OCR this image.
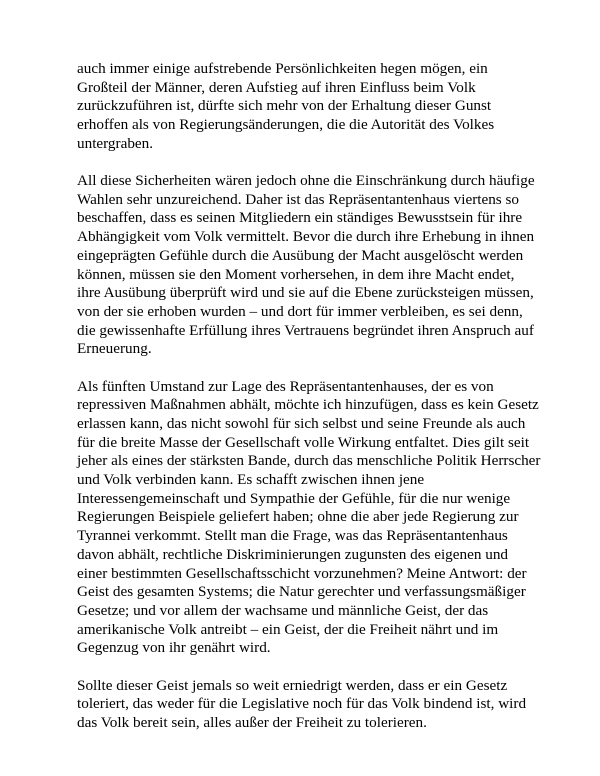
auch immer einige aufstrebende Persönlichkeiten hegen mögen, ein
Großteil der Männer, deren Aufstieg auf ihren Einfluss beim Volk
zurückzuführen ist, dürfte sich mehr von der Erhaltung dieser Gunst
erhoffen als von Regierungsänderungen, die die Autorität des Volkes
untergraben.

All diese Sicherheiten wären jedoch ohne die Einschränkung durch häufige
Wahlen sehr unzureichend. Daher ist das Repräsentantenhaus viertens so
beschaffen, dass es seinen Mitgliedern ein ständiges Bewusstsein für ihre
Abhängigkeit vom Volk vermittelt. Bevor die durch ihre Erhebung in ihnen
eingeprägten Gefühle durch die Ausübung der Macht ausgelöscht werden
können, müssen sie den Moment vorhersehen, in dem ihre Macht endet,
ihre Ausübung überprüft wird und sie auf die Ebene zurücksteigen müssen,
von der sie erhoben wurden – und dort für immer verbleiben, es sei denn,
die gewissenhafte Erfüllung ihres Vertrauens begründet ihren Anspruch auf
Erneuerung.

Als fünften Umstand zur Lage des Repräsentantenhauses, der es von
repressiven Maßnahmen abhält, möchte ich hinzufügen, dass es kein Gesetz
erlassen kann, das nicht sowohl für sich selbst und seine Freunde als auch
für die breite Masse der Gesellschaft volle Wirkung entfaltet. Dies gilt seit
jeher als eines der stärksten Bande, durch das menschliche Politik Herrscher
und Volk verbinden kann. Es schafft zwischen ihnen jene
Interessengemeinschaft und Sympathie der Gefühle, für die nur wenige
Regierungen Beispiele geliefert haben; ohne die aber jede Regierung zur
Tyrannei verkommt. Stellt man die Frage, was das Repräsentantenhaus
davon abhält, rechtliche Diskriminierungen zugunsten des eigenen und
einer bestimmten Gesellschaftsschicht vorzunehmen? Meine Antwort: der
Geist des gesamten Systems; die Natur gerechter und verfassungsmäßiger
Gesetze; und vor allem der wachsame und männliche Geist, der das
amerikanische Volk antreibt – ein Geist, der die Freiheit nährt und im
Gegenzug von ihr genährt wird.

Sollte dieser Geist jemals so weit erniedrigt werden, dass er ein Gesetz
toleriert, das weder für die Legislative noch für das Volk bindend ist, wird
das Volk bereit sein, alles außer der Freiheit zu tolerieren.
